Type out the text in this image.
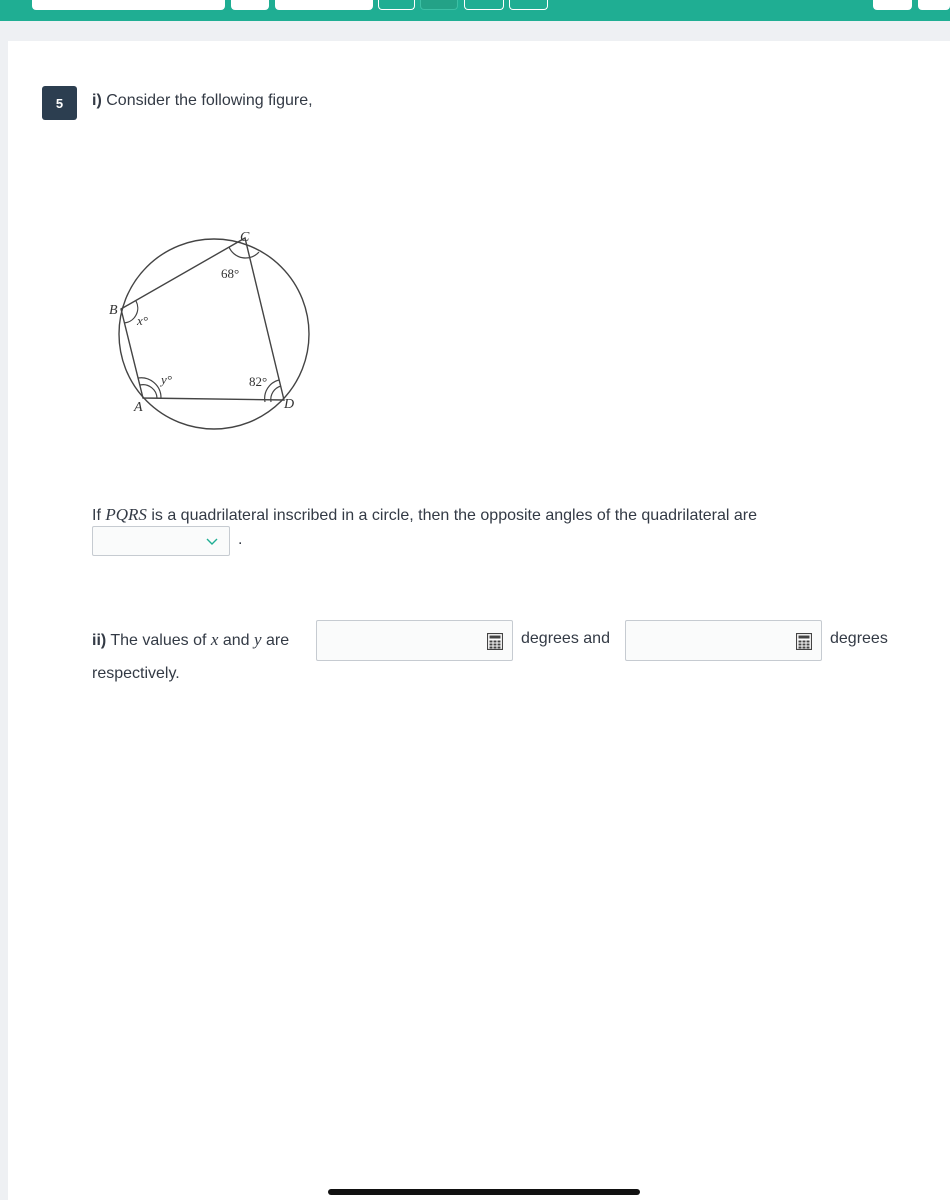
5	i) Consider the following figure,
B
C
A	D
68°
x°
y°	82°
If PQRS is a quadrilateral inscribed in a circle, then the opposite angles of the quadrilateral are
.
ii) The values of x and y are	degrees and	degrees
respectively.
